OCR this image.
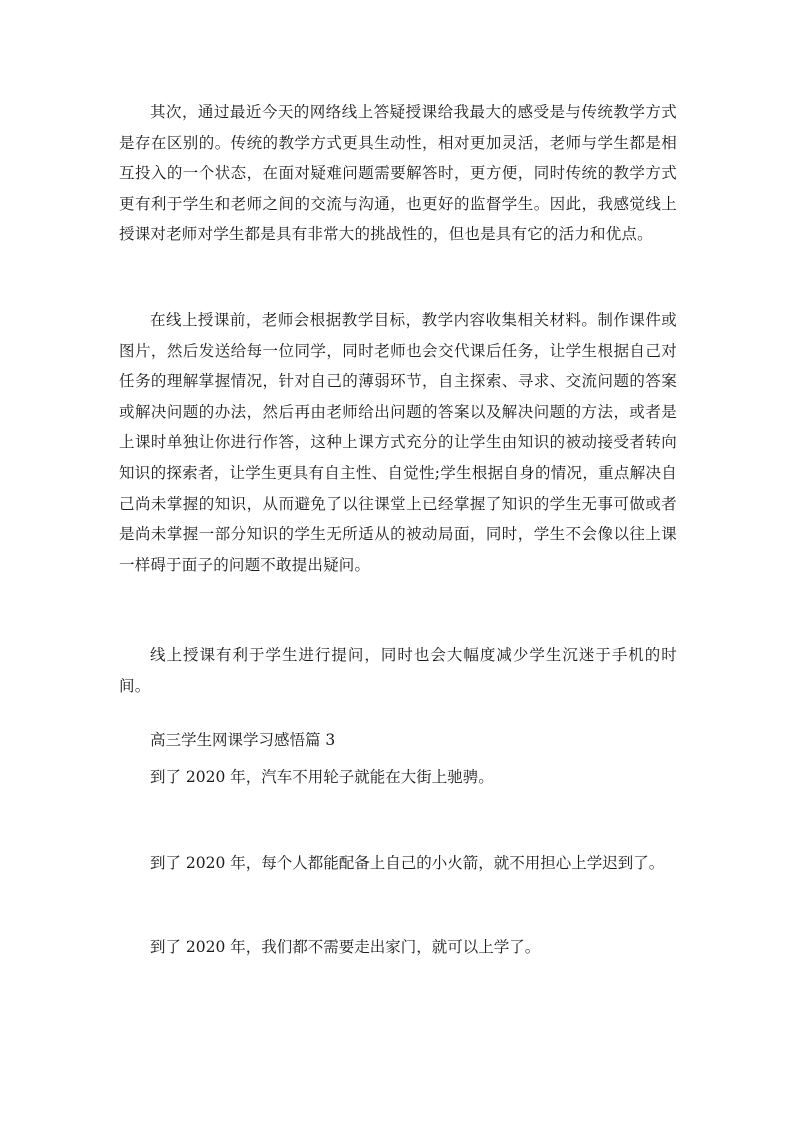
其次，通过最近今天的网络线上答疑授课给我最大的感受是与传统教学方式是存在区别的。传统的教学方式更具生动性，相对更加灵活，老师与学生都是相互投入的一个状态，在面对疑难问题需要解答时，更方便，同时传统的教学方式更有利于学生和老师之间的交流与沟通，也更好的监督学生。因此，我感觉线上授课对老师对学生都是具有非常大的挑战性的，但也是具有它的活力和优点。

在线上授课前，老师会根据教学目标，教学内容收集相关材料。制作课件或图片，然后发送给每一位同学，同时老师也会交代课后任务，让学生根据自己对任务的理解掌握情况，针对自己的薄弱环节，自主探索、寻求、交流问题的答案或解决问题的办法，然后再由老师给出问题的答案以及解决问题的方法，或者是上课时单独让你进行作答，这种上课方式充分的让学生由知识的被动接受者转向知识的探索者，让学生更具有自主性、自觉性;学生根据自身的情况，重点解决自己尚未掌握的知识，从而避免了以往课堂上已经掌握了知识的学生无事可做或者是尚未掌握一部分知识的学生无所适从的被动局面，同时，学生不会像以往上课一样碍于面子的问题不敢提出疑问。

线上授课有利于学生进行提问，同时也会大幅度减少学生沉迷于手机的时间。

高三学生网课学习感悟篇 3

到了 2020 年，汽车不用轮子就能在大街上驰骋。

到了 2020 年，每个人都能配备上自己的小火箭，就不用担心上学迟到了。

到了 2020 年，我们都不需要走出家门，就可以上学了。
